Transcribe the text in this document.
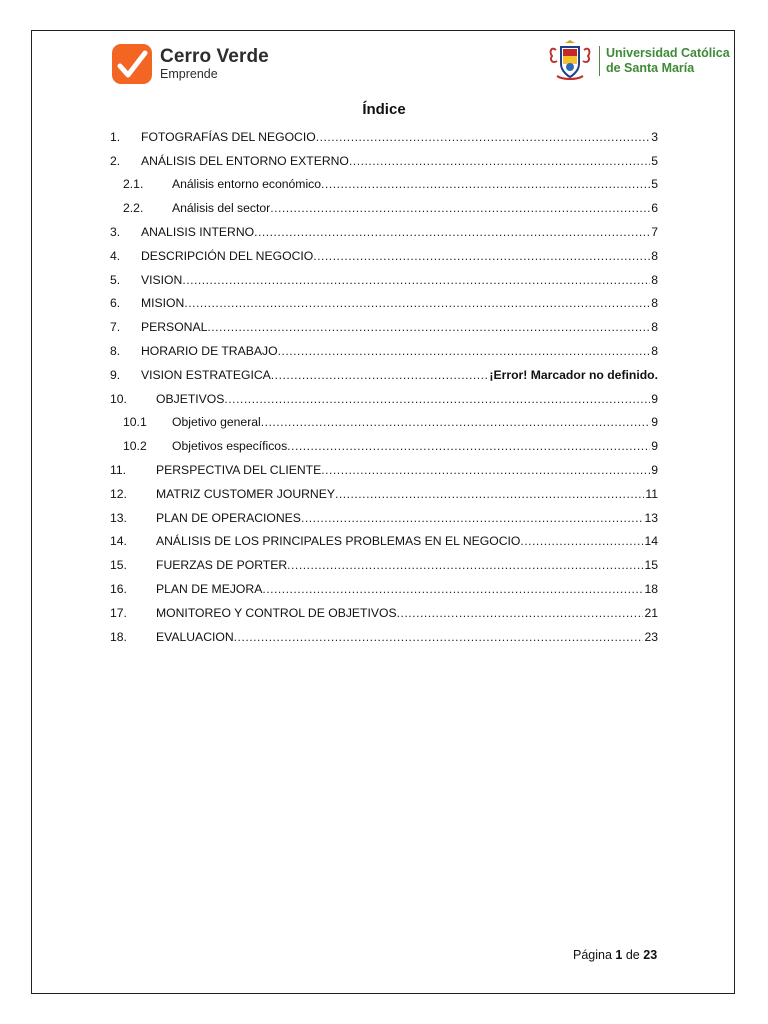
Cerro Verde
Emprende
Universidad Católica
de Santa María
Índice
1.	FOTOGRAFÍAS DEL NEGOCIO .....	3
2.	ANÁLISIS DEL ENTORNO EXTERNO .....	5
2.1.	Análisis entorno económico .....	5
2.2.	Análisis del sector .....	6
3.	ANALISIS INTERNO .....	7
4.	DESCRIPCIÓN DEL NEGOCIO .....	8
5.	VISION .....	8
6.	MISION .....	8
7.	PERSONAL .....	8
8.	HORARIO DE TRABAJO .....	8
9.	VISION ESTRATEGICA .....	¡Error! Marcador no definido.
10.	OBJETIVOS .....	9
10.1	Objetivo general .....	9
10.2	Objetivos específicos .....	9
11.	PERSPECTIVA DEL CLIENTE .....	9
12.	MATRIZ CUSTOMER JOURNEY .....	11
13.	PLAN DE OPERACIONES .....	13
14.	ANÁLISIS DE LOS PRINCIPALES PROBLEMAS EN EL NEGOCIO .....	14
15.	FUERZAS DE PORTER .....	15
16.	PLAN DE MEJORA .....	18
17.	MONITOREO Y CONTROL DE OBJETIVOS .....	21
18.	EVALUACION .....	23
Página 1 de 23
